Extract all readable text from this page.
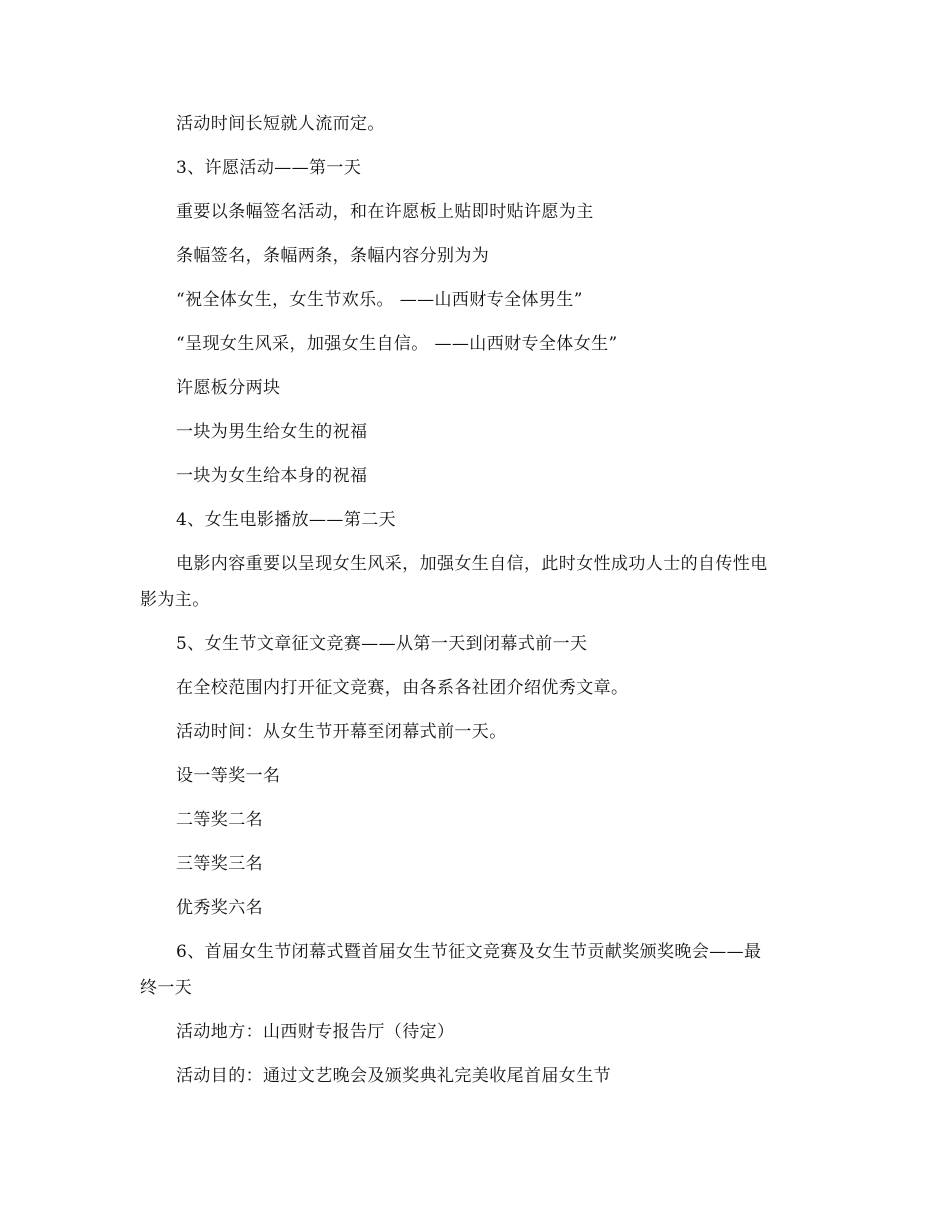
活动时间长短就人流而定。
3、许愿活动——第一天
重要以条幅签名活动，和在许愿板上贴即时贴许愿为主
条幅签名，条幅两条，条幅内容分别为为
“祝全体女生，女生节欢乐。 ——山西财专全体男生”
“呈现女生风采，加强女生自信。 ——山西财专全体女生”
许愿板分两块
一块为男生给女生的祝福
一块为女生给本身的祝福
4、女生电影播放——第二天
电影内容重要以呈现女生风采，加强女生自信，此时女性成功人士的自传性电
影为主。
5、女生节文章征文竞赛——从第一天到闭幕式前一天
在全校范围内打开征文竞赛，由各系各社团介绍优秀文章。
活动时间：从女生节开幕至闭幕式前一天。
设一等奖一名
二等奖二名
三等奖三名
优秀奖六名
6、首届女生节闭幕式暨首届女生节征文竞赛及女生节贡献奖颁奖晚会——最
终一天
活动地方：山西财专报告厅（待定）
活动目的：通过文艺晚会及颁奖典礼完美收尾首届女生节
